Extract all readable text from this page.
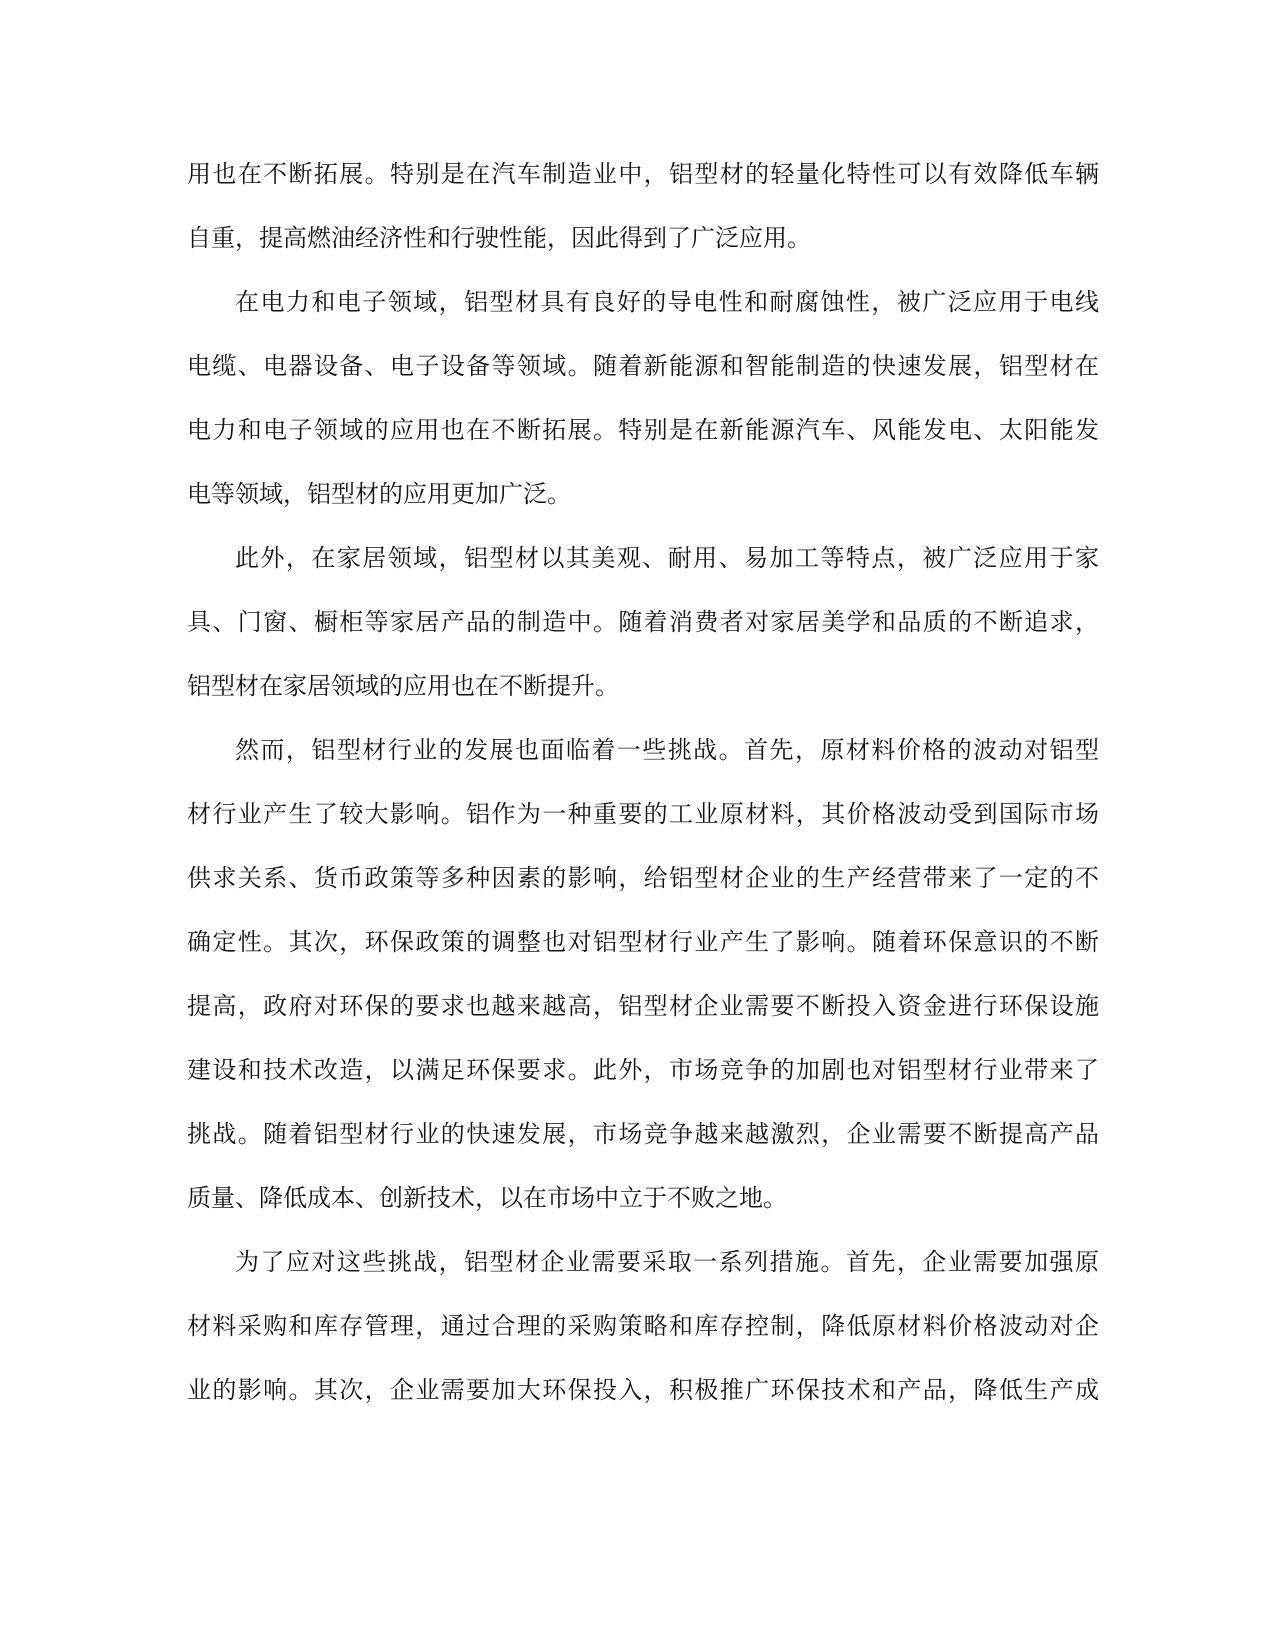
用也在不断拓展。特别是在汽车制造业中，铝型材的轻量化特性可以有效降低车辆
自重，提高燃油经济性和行驶性能，因此得到了广泛应用。
在电力和电子领域，铝型材具有良好的导电性和耐腐蚀性，被广泛应用于电线
电缆、电器设备、电子设备等领域。随着新能源和智能制造的快速发展，铝型材在
电力和电子领域的应用也在不断拓展。特别是在新能源汽车、风能发电、太阳能发
电等领域，铝型材的应用更加广泛。
此外，在家居领域，铝型材以其美观、耐用、易加工等特点，被广泛应用于家
具、门窗、橱柜等家居产品的制造中。随着消费者对家居美学和品质的不断追求，
铝型材在家居领域的应用也在不断提升。
然而，铝型材行业的发展也面临着一些挑战。首先，原材料价格的波动对铝型
材行业产生了较大影响。铝作为一种重要的工业原材料，其价格波动受到国际市场
供求关系、货币政策等多种因素的影响，给铝型材企业的生产经营带来了一定的不
确定性。其次，环保政策的调整也对铝型材行业产生了影响。随着环保意识的不断
提高，政府对环保的要求也越来越高，铝型材企业需要不断投入资金进行环保设施
建设和技术改造，以满足环保要求。此外，市场竞争的加剧也对铝型材行业带来了
挑战。随着铝型材行业的快速发展，市场竞争越来越激烈，企业需要不断提高产品
质量、降低成本、创新技术，以在市场中立于不败之地。
为了应对这些挑战，铝型材企业需要采取一系列措施。首先，企业需要加强原
材料采购和库存管理，通过合理的采购策略和库存控制，降低原材料价格波动对企
业的影响。其次，企业需要加大环保投入，积极推广环保技术和产品，降低生产成
